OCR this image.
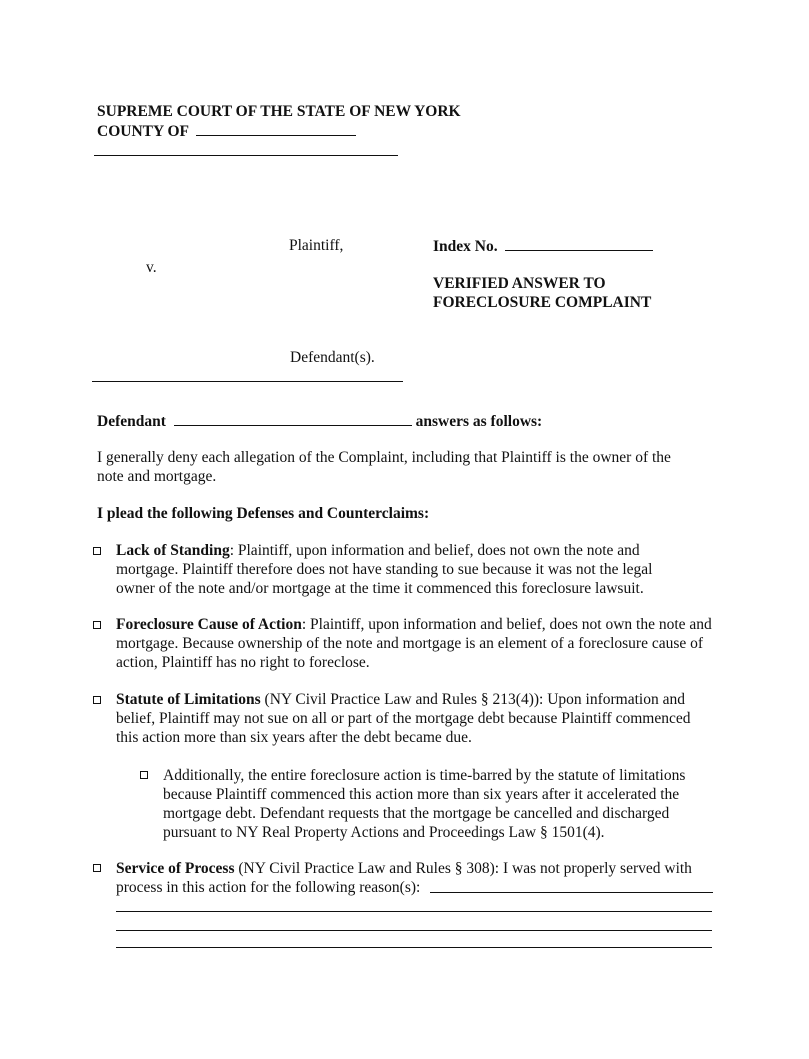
SUPREME COURT OF THE STATE OF NEW YORK
COUNTY OF
Plaintiff,
v.
Defendant(s).
Index No.
VERIFIED ANSWER TO
FORECLOSURE COMPLAINT
Defendant	answers as follows:

I generally deny each allegation of the Complaint, including that Plaintiff is the owner of the note and mortgage.

I plead the following Defenses and Counterclaims:

Lack of Standing: Plaintiff, upon information and belief, does not own the note and mortgage. Plaintiff therefore does not have standing to sue because it was not the legal owner of the note and/or mortgage at the time it commenced this foreclosure lawsuit.

Foreclosure Cause of Action: Plaintiff, upon information and belief, does not own the note and mortgage. Because ownership of the note and mortgage is an element of a foreclosure cause of action, Plaintiff has no right to foreclose.

Statute of Limitations (NY Civil Practice Law and Rules § 213(4)): Upon information and belief, Plaintiff may not sue on all or part of the mortgage debt because Plaintiff commenced this action more than six years after the debt became due.

Additionally, the entire foreclosure action is time-barred by the statute of limitations because Plaintiff commenced this action more than six years after it accelerated the mortgage debt. Defendant requests that the mortgage be cancelled and discharged pursuant to NY Real Property Actions and Proceedings Law § 1501(4).

Service of Process (NY Civil Practice Law and Rules § 308): I was not properly served with process in this action for the following reason(s):
